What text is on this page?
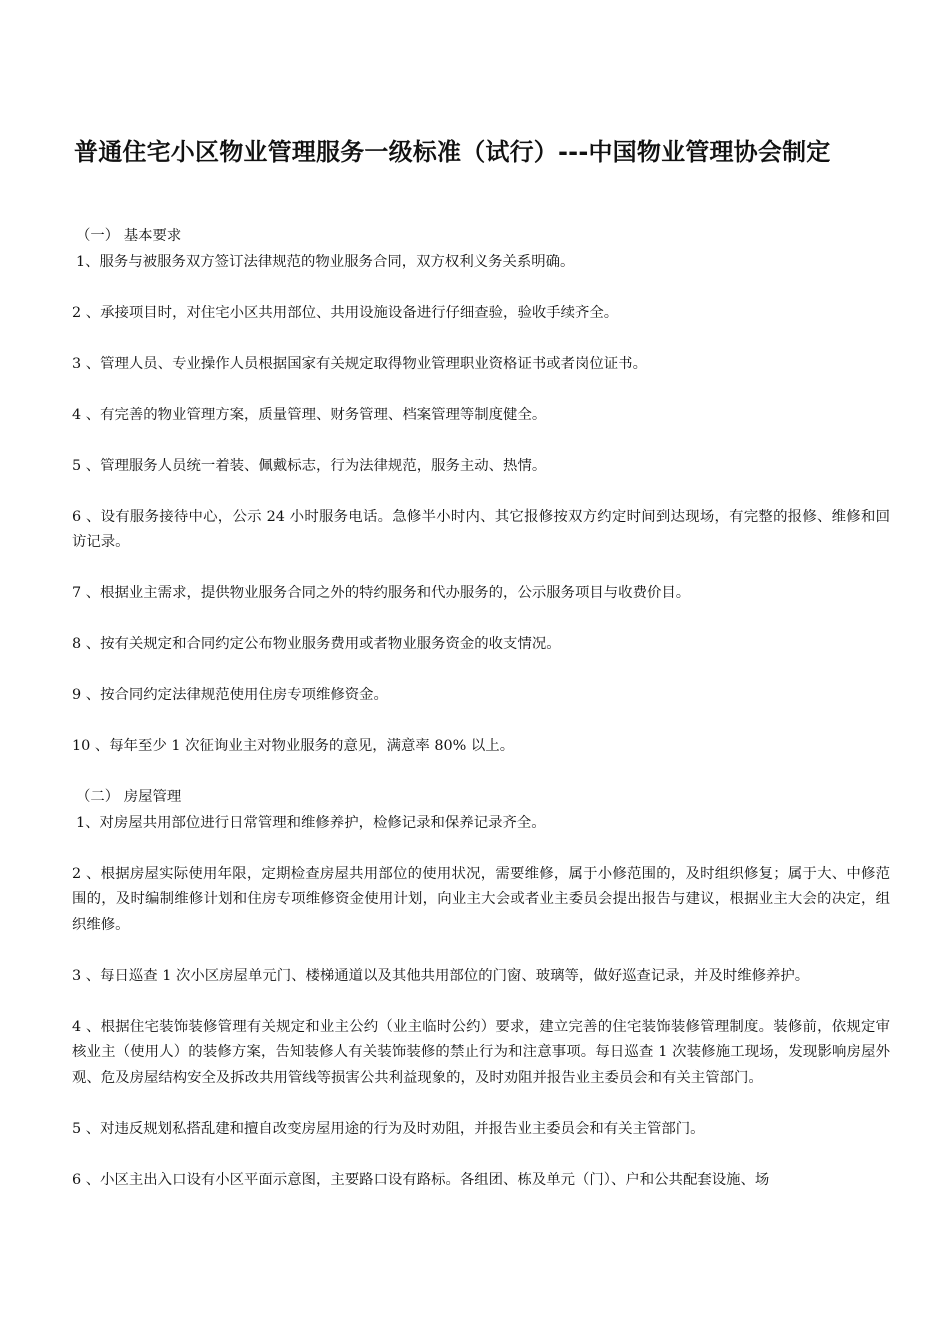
普通住宅小区物业管理服务一级标准（试行）---中国物业管理协会制定
（一） 基本要求

1、服务与被服务双方签订法律规范的物业服务合同，双方权利义务关系明确。

2 、承接项目时，对住宅小区共用部位、共用设施设备进行仔细查验，验收手续齐全。

3 、管理人员、专业操作人员根据国家有关规定取得物业管理职业资格证书或者岗位证书。

4 、有完善的物业管理方案，质量管理、财务管理、档案管理等制度健全。

5 、管理服务人员统一着装、佩戴标志，行为法律规范，服务主动、热情。

6 、设有服务接待中心，公示 24 小时服务电话。急修半小时内、其它报修按双方约定时间到达现场，有完整的报修、维修和回访记录。

7 、根据业主需求，提供物业服务合同之外的特约服务和代办服务的，公示服务项目与收费价目。

8 、按有关规定和合同约定公布物业服务费用或者物业服务资金的收支情况。

9 、按合同约定法律规范使用住房专项维修资金。

10 、每年至少 1 次征询业主对物业服务的意见，满意率 80% 以上。

（二） 房屋管理

1、对房屋共用部位进行日常管理和维修养护，检修记录和保养记录齐全。

2 、根据房屋实际使用年限，定期检查房屋共用部位的使用状况，需要维修，属于小修范围的，及时组织修复；属于大、中修范围的，及时编制维修计划和住房专项维修资金使用计划，向业主大会或者业主委员会提出报告与建议，根据业主大会的决定，组织维修。

3 、每日巡查 1 次小区房屋单元门、楼梯通道以及其他共用部位的门窗、玻璃等，做好巡查记录，并及时维修养护。

4 、根据住宅装饰装修管理有关规定和业主公约（业主临时公约）要求，建立完善的住宅装饰装修管理制度。装修前，依规定审核业主（使用人）的装修方案，告知装修人有关装饰装修的禁止行为和注意事项。每日巡查 1 次装修施工现场，发现影响房屋外观、危及房屋结构安全及拆改共用管线等损害公共利益现象的，及时劝阻并报告业主委员会和有关主管部门。

5 、对违反规划私搭乱建和擅自改变房屋用途的行为及时劝阻，并报告业主委员会和有关主管部门。

6 、小区主出入口设有小区平面示意图，主要路口设有路标。各组团、栋及单元（门）、户和公共配套设施、场
